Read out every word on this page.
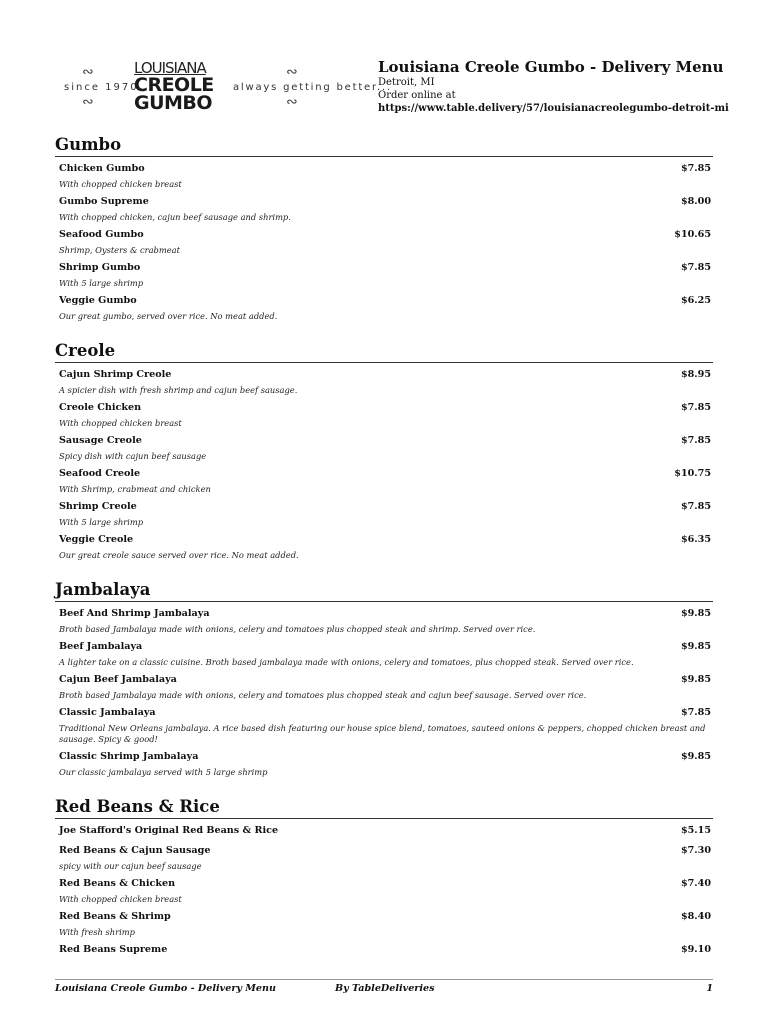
∾
since 1970
∾
LOUISIANA
CREOLE
GUMBO
always getting better...
∾
∾
Louisiana Creole Gumbo - Delivery Menu
Detroit, MI
Order online at
https://www.table.delivery/57/louisianacreolegumbo-detroit-mi
Gumbo
Chicken Gumbo	$7.85
With chopped chicken breast
Gumbo Supreme	$8.00
With chopped chicken, cajun beef sausage and shrimp.
Seafood Gumbo	$10.65
Shrimp, Oysters & crabmeat
Shrimp Gumbo	$7.85
With 5 large shrimp
Veggie Gumbo	$6.25
Our great gumbo, served over rice. No meat added.
Creole
Cajun Shrimp Creole	$8.95
A spicier dish with fresh shrimp and cajun beef sausage.
Creole Chicken	$7.85
With chopped chicken breast
Sausage Creole	$7.85
Spicy dish with cajun beef sausage
Seafood Creole	$10.75
With Shrimp, crabmeat and chicken
Shrimp Creole	$7.85
With 5 large shrimp
Veggie Creole	$6.35
Our great creole sauce served over rice. No meat added.
Jambalaya
Beef And Shrimp Jambalaya	$9.85
Broth based Jambalaya made with onions, celery and tomatoes plus chopped steak and shrimp. Served over rice.
Beef Jambalaya	$9.85
A lighter take on a classic cuisine. Broth based jambalaya made with onions, celery and tomatoes, plus chopped steak. Served over rice.
Cajun Beef Jambalaya	$9.85
Broth based Jambalaya made with onions, celery and tomatoes plus chopped steak and cajun beef sausage. Served over rice.
Classic Jambalaya	$7.85
Traditional New Orleans jambalaya. A rice based dish featuring our house spice blend, tomatoes, sauteed onions & peppers, chopped chicken breast and sausage. Spicy & good!
Classic Shrimp Jambalaya	$9.85
Our classic jambalaya served with 5 large shrimp
Red Beans & Rice
Joe Stafford's Original Red Beans & Rice	$5.15
Red Beans & Cajun Sausage	$7.30
spicy with our cajun beef sausage
Red Beans & Chicken	$7.40
With chopped chicken breast
Red Beans & Shrimp	$8.40
With fresh shrimp
Red Beans Supreme	$9.10
Louisiana Creole Gumbo - Delivery Menu	By TableDeliveries	1
